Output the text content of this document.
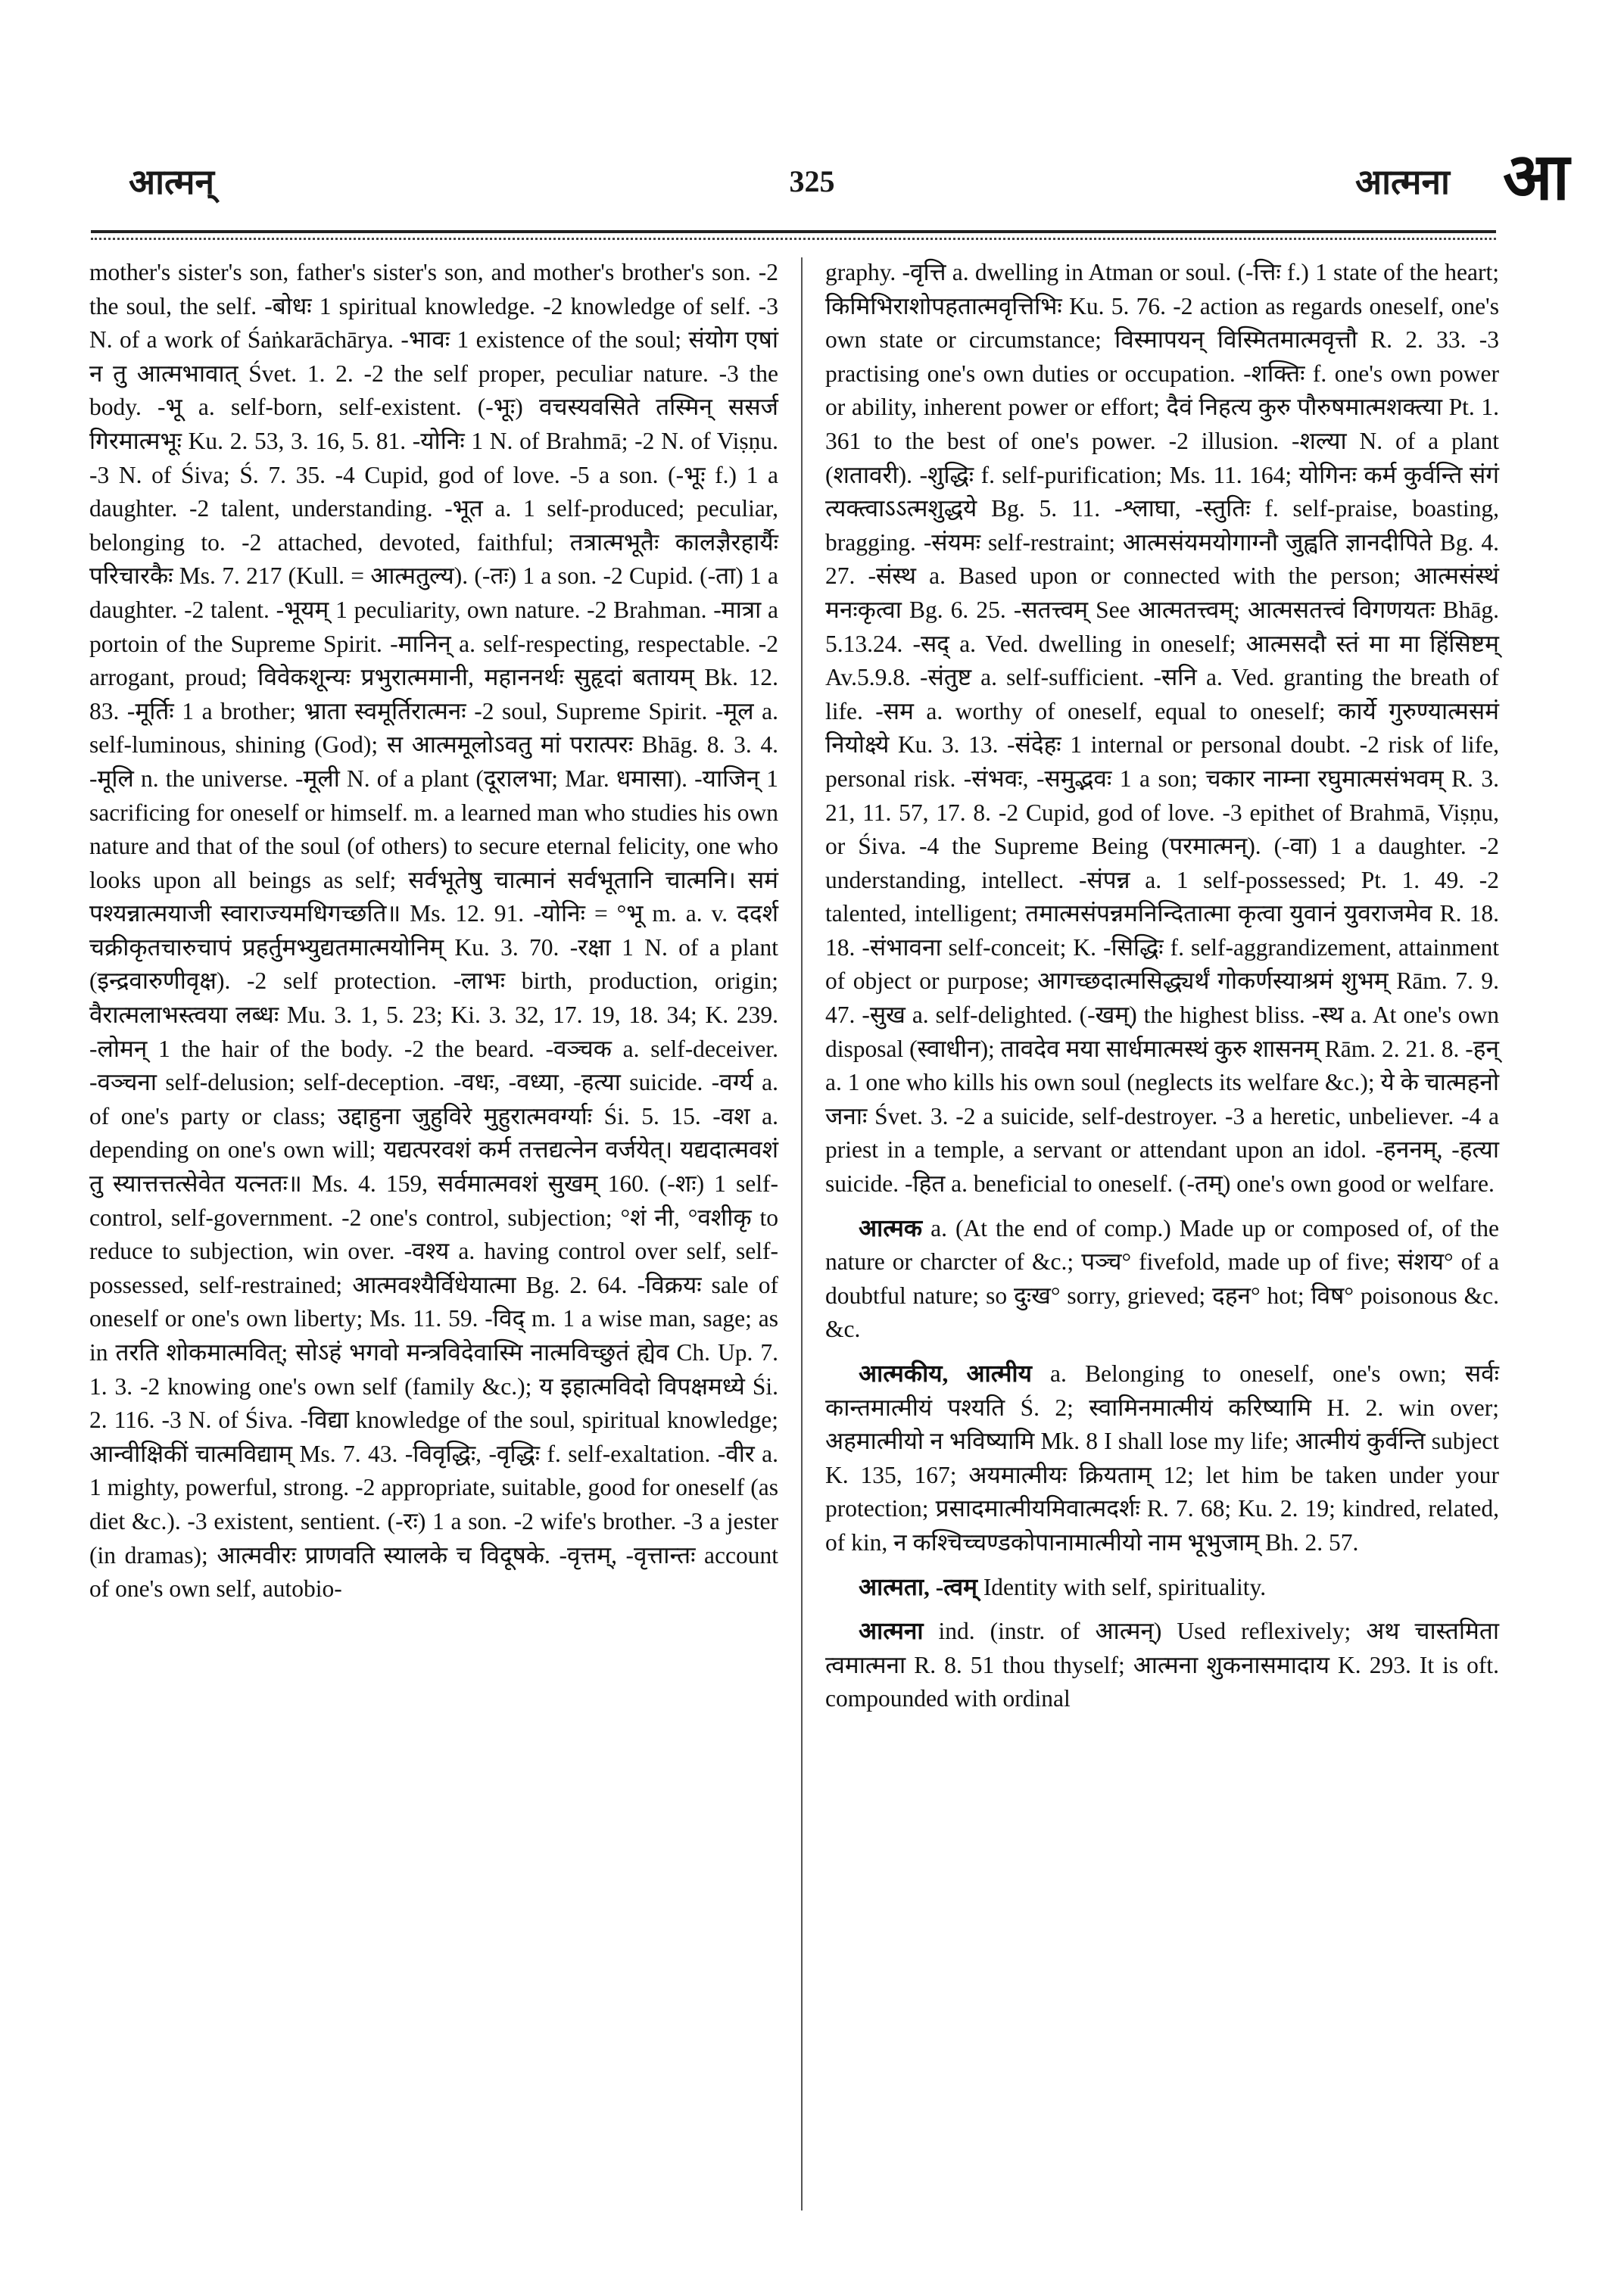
आत्मन्	325	आत्मना आ

mother's sister's son, father's sister's son, and mother's brother's son. -2 the soul, the self. -बोधः 1 spiritual knowledge. -2 knowledge of self. -3 N. of a work of Śaṅkarāchārya. -भावः 1 existence of the soul; संयोग एषां न तु आत्मभावात् Śvet. 1. 2. -2 the self proper, peculiar nature. -3 the body. -भू a. self-born, self-existent. (-भूः) वचस्यवसिते तस्मिन् ससर्ज गिरमात्मभूः Ku. 2. 53, 3. 16, 5. 81. -योनिः 1 N. of Brahmā; -2 N. of Viṣṇu. -3 N. of Śiva; Ś. 7. 35. -4 Cupid, god of love. -5 a son. (-भूः f.) 1 a daughter. -2 talent, understanding. -भूत a. 1 self-produced; peculiar, belonging to. -2 attached, devoted, faithful; तत्रात्मभूतैः कालज्ञैरहार्यैः परिचारकैः Ms. 7. 217 (Kull. = आत्मतुल्य). (-तः) 1 a son. -2 Cupid. (-ता) 1 a daughter. -2 talent. -भूयम् 1 peculiarity, own nature. -2 Brahman. -मात्रा a portoin of the Supreme Spirit. -मानिन् a. self-respecting, respectable. -2 arrogant, proud; विवेकशून्यः प्रभुरात्ममानी, महाननर्थः सुहृदां बतायम् Bk. 12. 83. -मूर्तिः 1 a brother; भ्राता स्वमूर्तिरात्मनः -2 soul, Supreme Spirit. -मूल a. self-luminous, shining (God); स आत्ममूलोऽवतु मां परात्परः Bhāg. 8. 3. 4. -मूलि n. the universe. -मूली N. of a plant (दूरालभा; Mar. धमासा). -याजिन् 1 sacrificing for oneself or himself. m. a learned man who studies his own nature and that of the soul (of others) to secure eternal felicity, one who looks upon all beings as self; सर्वभूतेषु चात्मानं सर्वभूतानि चात्मनि। समं पश्यन्नात्मयाजी स्वाराज्यमधिगच्छति॥ Ms. 12. 91. -योनिः = °भू m. a. v. ददर्श चक्रीकृतचारुचापं प्रहर्तुमभ्युद्यतमात्मयोनिम् Ku. 3. 70. -रक्षा 1 N. of a plant (इन्द्रवारुणीवृक्ष). -2 self protection. -लाभः birth, production, origin; वैरात्मलाभस्त्वया लब्धः Mu. 3. 1, 5. 23; Ki. 3. 32, 17. 19, 18. 34; K. 239. -लोमन् 1 the hair of the body. -2 the beard. -वञ्चक a. self-deceiver. -वञ्चना self-delusion; self-deception. -वधः, -वध्या, -हत्या suicide. -वर्ग्य a. of one's party or class; उद्दाहुना जुहुविरे मुहुरात्मवर्ग्याः Śi. 5. 15. -वश a. depending on one's own will; यद्यत्परवशं कर्म तत्तद्यत्नेन वर्जयेत्। यद्यदात्मवशं तु स्यात्तत्तत्सेवेत यत्नतः॥ Ms. 4. 159, सर्वमात्मवशं सुखम् 160. (-शः) 1 self-control, self-government. -2 one's control, subjection; °शं नी, °वशीकृ to reduce to subjection, win over. -वश्य a. having control over self, self-possessed, self-restrained; आत्मवश्यैर्विधेयात्मा Bg. 2. 64. -विक्रयः sale of oneself or one's own liberty; Ms. 11. 59. -विद् m. 1 a wise man, sage; as in तरति शोकमात्मवित्; सोऽहं भगवो मन्त्रविदेवास्मि नात्मविच्छुतं ह्येव Ch. Up. 7. 1. 3. -2 knowing one's own self (family &c.); य इहात्मविदो विपक्षमध्ये Śi. 2. 116. -3 N. of Śiva. -विद्या knowledge of the soul, spiritual knowledge; आन्वीक्षिकीं चात्मविद्याम् Ms. 7. 43. -विवृद्धिः, -वृद्धिः f. self-exaltation. -वीर a. 1 mighty, powerful, strong. -2 appropriate, suitable, good for oneself (as diet &c.). -3 existent, sentient. (-रः) 1 a son. -2 wife's brother. -3 a jester (in dramas); आत्मवीरः प्राणवति स्यालके च विदूषके. -वृत्तम्, -वृत्तान्तः account of one's own self, autobio-

graphy. -वृत्ति a. dwelling in Atman or soul. (-त्तिः f.) 1 state of the heart; किमिभिराशोपहतात्मवृत्तिभिः Ku. 5. 76. -2 action as regards oneself, one's own state or circumstance; विस्मापयन् विस्मितमात्मवृत्तौ R. 2. 33. -3 practising one's own duties or occupation. -शक्तिः f. one's own power or ability, inherent power or effort; दैवं निहत्य कुरु पौरुषमात्मशक्त्या Pt. 1. 361 to the best of one's power. -2 illusion. -शल्या N. of a plant (शतावरी). -शुद्धिः f. self-purification; Ms. 11. 164; योगिनः कर्म कुर्वन्ति संगं त्यक्त्वाऽऽत्मशुद्धये Bg. 5. 11. -श्लाघा, -स्तुतिः f. self-praise, boasting, bragging. -संयमः self-restraint; आत्मसंयमयोगाग्नौ जुह्वति ज्ञानदीपिते Bg. 4. 27. -संस्थ a. Based upon or connected with the person; आत्मसंस्थं मनःकृत्वा Bg. 6. 25. -सतत्त्वम् See आत्मतत्त्वम्; आत्मसतत्त्वं विगणयतः Bhāg. 5.13.24. -सद् a. Ved. dwelling in oneself; आत्मसदौ स्तं मा मा हिंसिष्टम् Av.5.9.8. -संतुष्ट a. self-sufficient. -सनि a. Ved. granting the breath of life. -सम a. worthy of oneself, equal to oneself; कार्ये गुरुण्यात्मसमं नियोक्ष्ये Ku. 3. 13. -संदेहः 1 internal or personal doubt. -2 risk of life, personal risk. -संभवः, -समुद्भवः 1 a son; चकार नाम्ना रघुमात्मसंभवम् R. 3. 21, 11. 57, 17. 8. -2 Cupid, god of love. -3 epithet of Brahmā, Viṣṇu, or Śiva. -4 the Supreme Being (परमात्मन्). (-वा) 1 a daughter. -2 understanding, intellect. -संपन्न a. 1 self-possessed; Pt. 1. 49. -2 talented, intelligent; तमात्मसंपन्नमनिन्दितात्मा कृत्वा युवानं युवराजमेव R. 18. 18. -संभावना self-conceit; K. -सिद्धिः f. self-aggrandizement, attainment of object or purpose; आगच्छदात्मसिद्ध्यर्थं गोकर्णस्याश्रमं शुभम् Rām. 7. 9. 47. -सुख a. self-delighted. (-खम्) the highest bliss. -स्थ a. At one's own disposal (स्वाधीन); तावदेव मया सार्धमात्मस्थं कुरु शासनम् Rām. 2. 21. 8. -हन् a. 1 one who kills his own soul (neglects its welfare &c.); ये के चात्महनो जनाः Śvet. 3. -2 a suicide, self-destroyer. -3 a heretic, unbeliever. -4 a priest in a temple, a servant or attendant upon an idol. -हननम्, -हत्या suicide. -हित a. beneficial to oneself. (-तम्) one's own good or welfare.

आत्मक a. (At the end of comp.) Made up or composed of, of the nature or charcter of &c.; पञ्च° fivefold, made up of five; संशय° of a doubtful nature; so दुःख° sorry, grieved; दहन° hot; विष° poisonous &c. &c.

आत्मकीय, आत्मीय a. Belonging to oneself, one's own; सर्वः कान्तमात्मीयं पश्यति Ś. 2; स्वामिनमात्मीयं करिष्यामि H. 2. win over; अहमात्मीयो न भविष्यामि Mk. 8 I shall lose my life; आत्मीयं कुर्वन्ति subject K. 135, 167; अयमात्मीयः क्रियताम् 12; let him be taken under your protection; प्रसादमात्मीयमिवात्मदर्शः R. 7. 68; Ku. 2. 19; kindred, related, of kin, न कश्चिच्चण्डकोपानामात्मीयो नाम भूभुजाम् Bh. 2. 57.

आत्मता, -त्वम् Identity with self, spirituality.

आत्मना ind. (instr. of आत्मन्) Used reflexively; अथ चास्तमिता त्वमात्मना R. 8. 51 thou thyself; आत्मना शुकनासमादाय K. 293. It is oft. compounded with ordinal
